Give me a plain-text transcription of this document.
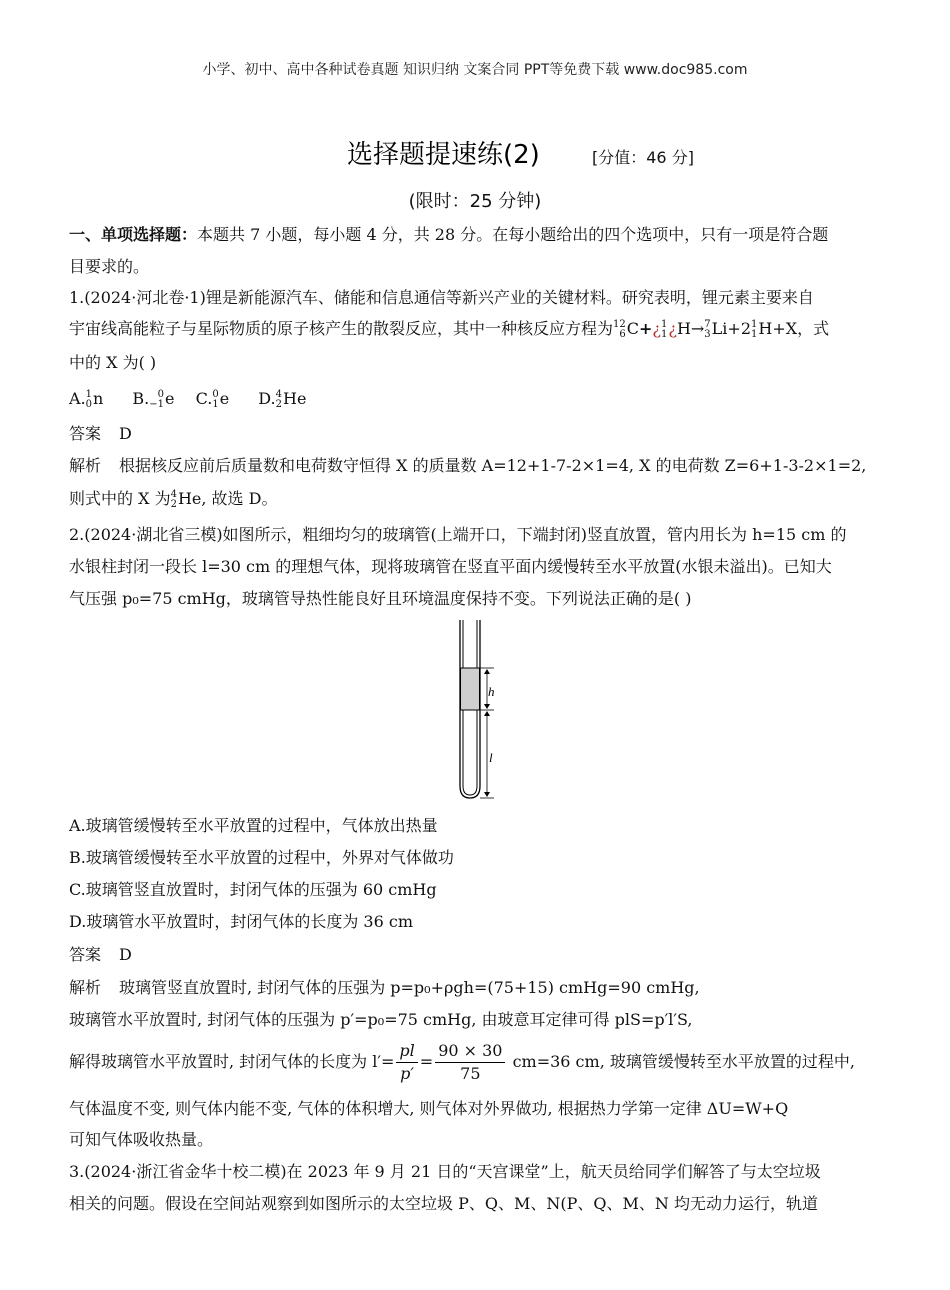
小学、初中、高中各种试卷真题 知识归纳 文案合同 PPT等免费下载 www.doc985.com
选择题提速练(2)	[分值：46 分]
(限时：25 分钟)
一、单项选择题：本题共 7 小题，每小题 4 分，共 28 分。在每小题给出的四个选项中，只有一项是符合题
目要求的。
1.(2024·河北卷·1)锂是新能源汽车、储能和信息通信等新兴产业的关键材料。研究表明，锂元素主要来自
宇宙线高能粒子与星际物质的原子核产生的散裂反应，其中一种核反应方程为 12
6 C+¿ 1
1 ¿H→ 7
3 Li+2 1
1 H+X，式
中的 X 为( )
A. 1
0 n B. 0
−1 e C. 0
1 e D. 4
2 He
答案 D
解析 根据核反应前后质量数和电荷数守恒得 X 的质量数 A=12+1-7-2×1=4, X 的电荷数 Z=6+1-3-2×1=2,
则式中的 X 为 4
2 He, 故选 D。
2.(2024·湖北省三模)如图所示，粗细均匀的玻璃管(上端开口，下端封闭)竖直放置，管内用长为 h=15 cm 的
水银柱封闭一段长 l=30 cm 的理想气体，现将玻璃管在竖直平面内缓慢转至水平放置(水银未溢出)。已知大
气压强 p₀=75 cmHg，玻璃管导热性能良好且环境温度保持不变。下列说法正确的是( )
h
l
A.玻璃管缓慢转至水平放置的过程中，气体放出热量
B.玻璃管缓慢转至水平放置的过程中，外界对气体做功
C.玻璃管竖直放置时，封闭气体的压强为 60 cmHg
D.玻璃管水平放置时，封闭气体的长度为 36 cm
答案 D
解析 玻璃管竖直放置时, 封闭气体的压强为 p=p₀+ρgh=(75+15) cmHg=90 cmHg,
玻璃管水平放置时, 封闭气体的压强为 p′=p₀=75 cmHg, 由玻意耳定律可得 plS=p′l′S,
解得玻璃管水平放置时, 封闭气体的长度为 $l'= \frac{pl}{p'} = \frac{90 \times 30}{75} cm=36$ cm, 玻璃管缓慢转至水平放置的过程中,
气体温度不变, 则气体内能不变, 气体的体积增大, 则气体对外界做功, 根据热力学第一定律 ΔU=W+Q
可知气体吸收热量。
3.(2024·浙江省金华十校二模)在 2023 年 9 月 21 日的“天宫课堂”上，航天员给同学们解答了与太空垃圾
相关的问题。假设在空间站观察到如图所示的太空垃圾 P、Q、M、N(P、Q、M、N 均无动力运行，轨道
